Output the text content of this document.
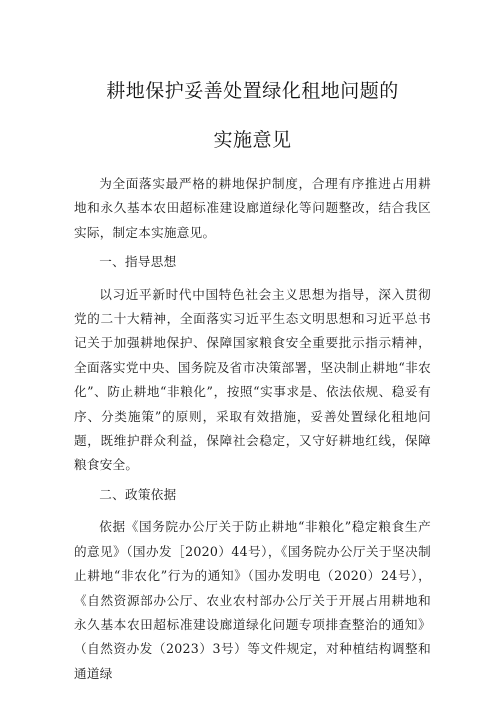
耕地保护妥善处置绿化租地问题的
实施意见

为全面落实最严格的耕地保护制度，合理有序推进占用耕地和永久基本农田超标准建设廊道绿化等问题整改，结合我区实际，制定本实施意见。

一、指导思想

以习近平新时代中国特色社会主义思想为指导，深入贯彻党的二十大精神，全面落实习近平生态文明思想和习近平总书记关于加强耕地保护、保障国家粮食安全重要批示指示精神，全面落实党中央、国务院及省市决策部署，坚决制止耕地“非农化”、防止耕地“非粮化”，按照“实事求是、依法依规、稳妥有序、分类施策”的原则，采取有效措施，妥善处置绿化租地问题，既维护群众利益，保障社会稳定，又守好耕地红线，保障粮食安全。

二、政策依据

依据《国务院办公厅关于防止耕地“非粮化”稳定粮食生产的意见》（国办发［2020）44号），《国务院办公厅关于坚决制止耕地“非农化”行为的通知》（国办发明电（2020）24号），《自然资源部办公厅、农业农村部办公厅关于开展占用耕地和永久基本农田超标准建设廊道绿化问题专项排查整治的通知》（自然资办发（2023）3号）等文件规定，对种植结构调整和通道绿
